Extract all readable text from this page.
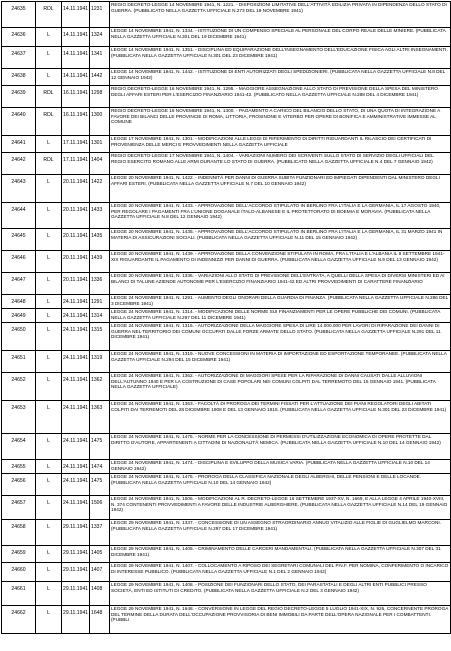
24635	RDL	14.11.1941	1231	REGIO DECRETO-LEGGE 14 NOVEMBRE 1941, N. 1221. - DISPOSIZIONI LIMITATIVE DELL'ATTIVITÀ EDILIZIA PRIVATA IN DIPENDENZA DELLO STATO DI GUERRA. (PUBBLICATO NELLA GAZZETTA UFFICIALE N.273 DEL 19 NOVEMBRE 1941)

24636	L	14.11.1941	1324	LEGGE 14 NOVEMBRE 1941, N. 1334. - ISTITUZIONE DI UN COMPENSO SPECIALE AL PERSONALE DEL CORPO REALE DELLE MINIERE. (PUBBLICATA NELLA GAZZETTA UFFICIALE N.301 DEL 19 DICEMBRE 1941)

24637	L	14.11.1941	1341	LEGGE 14 NOVEMBRE 1941, N. 1351. - DISCIPLINA ED EQUIPARAZIONE DELL'INSEGNAMENTO DELL'EDUCAZIONE FISICA AGLI ALTRI INSEGNAMENTI. (PUBBLICATA NELLA GAZZETTA UFFICIALE N.301 DEL 23 DICEMBRE 1941)

24638	L	14.11.1941	1442	LEGGE 14 NOVEMBRE 1941, N. 1442. - ISTITUZIONE DI ENTI AUTORIZZATI DEGLI SPEDIZIONIERI. (PUBBLICATA NELLA GAZZETTA UFFICIALE N.8 DEL 12 GENNAIO 1942)

24639	RDL	16.11.1941	1298	REGIO DECRETO-LEGGE 16 NOVEMBRE 1941, N. 1295. - MAGGIORE ASSEGNAZIONE ALLO STATO DI PREVISIONE DELLA SPESA DEL MINISTERO DEGLI AFFARI ESTERI PER L'ESERCIZIO FINANZIARIO 1941-42. (PUBBLICATO NELLA GAZZETTA UFFICIALE N.288 DEL 4 DICEMBRE 1941)

24640	RDL	16.11.1941	1300	REGIO DECRETO-LEGGE 16 NOVEMBRE 1941, N. 1300. - PAGAMENTO A CARICO DEL BILANCIO DELLO STATO, DI UNA QUOTA DI INTEGRAZIONE A FAVORE DEI BILANCI DELLE PROVINCIE DI ROMA, LITTORIA, FROSINONE E VITERBO PER OPERE DI BONIFICA E AMMINISTRATIVE IMMESSE AL COMUNE

24641	L	17.11.1941	1301	LEGGE 17 NOVEMBRE 1941, N. 1301. - MODIFICAZIONI ALLE LEGGI DI RIFERIMENTO DI DIRITTI RIGUARDANTI IL RILASCIO DEI CERTIFICATI DI PROVENIENZA DELLE MERCI E PROVVEDIMENTI NELLA GAZZETTA UFFICIALE

24642	RDL	17.11.1941	1404	REGIO DECRETO-LEGGE 17 NOVEMBRE 1941, N. 1404. - VARIAZIONI NUMERO DEI SCRIVENTI SULLO STATO DI SERVIZIO DEGLI UFFICIALI DEL REGIO ESERCITO ROMANO ALLE ARMI DURANTE LO STATO DI GUERRA. (PUBBLICATO NELLA GAZZETTA UFFICIALE N.4 DEL 7 GENNAIO 1942)

24643	L	20.11.1941	1422	LEGGE 20 NOVEMBRE 1941, N. 1422. - INDENNITÀ PER DANNI DI GUERRA SUBITA FUNZIONARI ED IMPIEGATI DIPENDENTI DAL MINISTERO DEGLI AFFARI ESTERI. (PUBBLICATA NELLA GAZZETTA UFFICIALE N.7 DEL 10 GENNAIO 1942)

24644	L	20.11.1941	1433	LEGGE 20 NOVEMBRE 1941, N. 1433. - APPROVAZIONE DELL'ACCORDO STIPULATO IN BERLINO FRA L'ITALIA E LA GERMANIA, IL 17 AGOSTO 1940, PER REGOLARE I PAGAMENTI FRA L'UNIONE DOGANALE ITALO-ALBANESE E IL PROTETTORATO DI BOEMIA E MORAVIA. (PUBBLICATA NELLA GAZZETTA UFFICIALE N.8 DEL 12 GENNAIO 1942)

24645	L	20.11.1941	1435	LEGGE 20 NOVEMBRE 1941, N. 1435. - APPROVAZIONE DELL'ACCORDO STIPULATO IN BERLINO FRA L'ITALIA E LA GERMANIA, IL 31 MARZO 1941 IN MATERIA DI ASSICURAZIONI SOCIALI. (PUBBLICATA NELLA GAZZETTA UFFICIALE N.11 DEL 15 GENNAIO 1942)

24646	L	20.11.1941	1439	LEGGE 20 NOVEMBRE 1941, N. 1439. - APPROVAZIONE DELLA CONVENZIONE STIPULATA IN ROMA, FRA L'ITALIA E L'ALBANIA IL 8 SETTEMBRE 1941-XIX RIGUARDANTE IL PAGAMENTO DI INDENNIZZI PER DANNI DI GUERRA. (PUBBLICATA NELLA GAZZETTA UFFICIALE N.9 DEL 13 GENNAIO 1942)

24647	L	20.11.1941	1336	LEGGE 20 NOVEMBRE 1941, N. 1336. - VARIAZIONI ALLO STATO DI PREVISIONE DELL'ENTRATA, A QUELLI DELLA SPESA DI DIVERSI MINISTERI ED AI BILANCI DI TALUNE AZIENDE AUTONOME PER L'ESERCIZIO FINANZIARIO 1941-42 ED ALTRI PROVVEDIMENTI DI CARATTERE FINANZIARIO

24648	L	24.11.1941	1291	LEGGE 24 NOVEMBRE 1941, N. 1291. - AUMENTO DEGLI ONORARI DELLA GUARDIA DI FINANZA. (PUBBLICATA NELLA GAZZETTA UFFICIALE N.286 DEL 3 DICEMBRE 1941)

24649	L	24.11.1941	1314	LEGGE 24 NOVEMBRE 1941, N. 1314. - MODIFICAZIONI DELLE NORME SUI FINANZIAMENTI PER LE OPERE PUBBLICHE DEI COMUNI. (PUBBLICATA NELLA GAZZETTA UFFICIALE N.297 DEL 11 DICEMBRE 1941)

24650	L	24.11.1941	1315	LEGGE 24 NOVEMBRE 1941, N. 1315. - AUTORIZZAZIONE DELLA MAGGIORE SPESA DI LIRE 14.000.000 PER LAVORI DI RIPARAZIONE DEI DANNI DI GUERRA NEL TERRITORIO DEI COMUNI OCCUPATI DALLE FORZE ARMATE DELLO STATO. (PUBBLICATA NELLA GAZZETTA UFFICIALE N.291 DEL 11 DICEMBRE 1941)

24651	L	24.11.1941	1319	LEGGE 24 NOVEMBRE 1941, N. 1319. - NUOVE CONCESSIONI IN MATERIA DI IMPORTAZIONE ED ESPORTAZIONE TEMPORANEE. (PUBBLICATA NELLA GAZZETTA UFFICIALE N.294 DEL 15 DICEMBRE 1941)

24652	L	24.11.1941	1362	LEGGE 24 NOVEMBRE 1941, N. 1362. - AUTORIZZAZIONE DI MAGGIORI SPESE PER LA RIPARAZIONE DI DANNI CAUSATI DALLE ALLUVIONI DELL'AUTUNNO 1940 E PER LA COSTRUZIONE DI CASE POPOLARI NEI COMUNI COLPITI DAL TERREMOTO DEL 15 GENNAIO 1941. (PUBBLICATA NELLA GAZZETTA UFFICIALE)

24653	L	24.11.1941	1363	LEGGE 24 NOVEMBRE 1941, N. 1363. - FACOLTÀ DI PROROGA DEI TERMINI FISSATI PER L'ATTUAZIONE DEI PIANI REGOLATORI DEGLI ABITATI COLPITI DAI TERREMOTI DEL 28 DICEMBRE 1908 E DEL 13 GENNAIO 1915. (PUBBLICATA NELLA GAZZETTA UFFICIALE N.301 DEL 23 DICEMBRE 1941)

24654	L	24.11.1941	1475	LEGGE 24 NOVEMBRE 1941, N. 1475. - NORME PER LA CONCESSIONE DI PERMESSI D'UTILIZZAZIONE ECONOMICA DI OPERE PROTETTE DAL DIRITTO D'AUTORE, APPARTENENTI A CITTADINI DI NAZIONALITÀ NEMICA. (PUBBLICATA NELLA GAZZETTA UFFICIALE N.10 DEL 14 GENNAIO 1942)

24655	L	24.11.1941	1474	LEGGE 24 NOVEMBRE 1941, N. 1474. - DISCIPLINA E SVILUPPO DELLA MUSICA VARIA. (PUBBLICATA NELLA GAZZETTA UFFICIALE N.10 DEL 14 GENNAIO 1942)

24656	L	24.11.1941	1475	LEGGE 24 NOVEMBRE 1941, N. 1475. - PROROGA DELLA CLASSIFICA NAZIONALE DEGLI ALBERGHI, DELLE PENSIONI E DELLE LOCANDE. (PUBBLICATA NELLA GAZZETTA UFFICIALE N.10 DEL 14 GENNAIO 1942)

24657	L	24.11.1941	1506	LEGGE 24 NOVEMBRE 1941, N. 1506. - MODIFICAZIONI AL R. DECRETO-LEGGE 16 SETTEMBRE 1937-XV, N. 1669, E ALLA LEGGE 4 APRILE 1940-XVIII, N. 374 CONTENENTI PROVVEDIMENTI A FAVORE DELLE INDUSTRIE ALBERGHIERE. (PUBBLICATA NELLA GAZZETTA UFFICIALE N.14 DEL 19 GENNAIO 1942)

24658	L	29.11.1941	1337	LEGGE 29 NOVEMBRE 1941, N. 1337. - CONCESSIONE DI UN ASSEGNO STRAORDINARIO ANNUO VITALIZIO ALLE FIGLIE DI GUGLIELMO MARCONI. (PUBBLICATA NELLA GAZZETTA UFFICIALE N.297 DEL 17 DICEMBRE 1941)

24659	L	29.11.1941	1405	LEGGE 29 NOVEMBRE 1941, N. 1405. - CRIMINAMENTO DELLE CARCERI MANDAMENTALI. (PUBBLICATA NELLA GAZZETTA UFFICIALE N.307 DEL 31 DICEMBRE 1941)

24660	L	29.11.1941	1407	LEGGE 29 NOVEMBRE 1941, N. 1407. - COLLOCAMENTO A RIPOSO DEI SEGRETARI COMUNALI DEL P.N.F. PER NOMINA, CONFERIMENTO O INCARICO DI INTERESSE PUBBLICO. (PUBBLICATA NELLA GAZZETTA UFFICIALE N.1 DEL 2 GENNAIO 1942)

24661	L	29.11.1941	1408	LEGGE 29 NOVEMBRE 1941, N. 1408. - POSIZIONE DEI FUNZIONARI DELLO STATO, DEI PARASTATALI E DEGLI ALTRI ENTI PUBBLICI PRESSO SOCIETÀ, ENTI ED ISTITUTI DI CREDITO. (PUBBLICATA NELLA GAZZETTA UFFICIALE N.2 DEL 3 GENNAIO 1942)

24662	L	29.11.1941	1648	LEGGE 29 NOVEMBRE 1941, N. 1648. - CONVERSIONE IN LEGGE DEL REGIO DECRETO-LEGGE 5 LUGLIO 1941-XIX, N. 926, CONCERNENTE PROROGA DEL TERMINE DELLA DURATA DELL'OCCUPAZIONE PROVVISORIA DI BENI IMMOBILI DA PARTE DELL'OPERA NAZIONALE PER I COMBATTENTI. (PUBBLI
